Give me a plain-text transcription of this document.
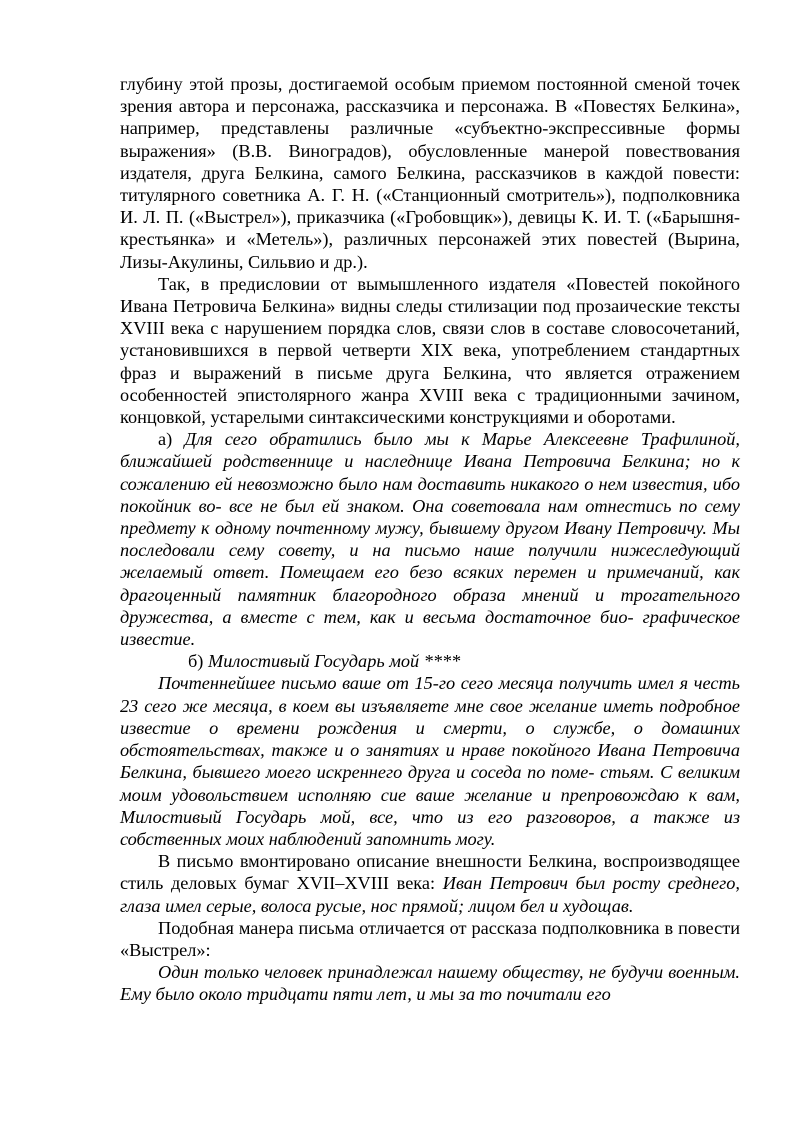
глубину этой прозы, достигаемой особым приемом постоянной сменой точек зрения автора и персонажа, рассказчика и персонажа. В «Повестях Белкина», например, представлены различные «субъектно-экспрессивные формы выражения» (В.В. Виноградов), обусловленные манерой повествования издателя, друга Белкина, самого Белкина, рассказчиков в каждой повести: титулярного советника А. Г. Н. («Станционный смотритель»), подполковника И. Л. П. («Выстрел»), приказчика («Гробовщик»), девицы К. И. Т. («Барышня-крестьянка» и «Метель»), различных персонажей этих повестей (Вырина, Лизы-Акулины, Сильвио и др.).

Так, в предисловии от вымышленного издателя «Повестей покойного Ивана Петровича Белкина» видны следы стилизации под прозаические тексты XVIII века с нарушением порядка слов, связи слов в составе словосочетаний, установившихся в первой четверти XIX века, употреблением стандартных фраз и выражений в письме друга Белкина, что является отражением особенностей эпистолярного жанра XVIII века с традиционными зачином, концовкой, устарелыми синтаксическими конструкциями и оборотами.

а) Для сего обратились было мы к Марье Алексеевне Трафилиной, ближайшей родственнице и наследнице Ивана Петровича Белкина; но к сожалению ей невозможно было нам доставить никакого о нем известия, ибо покойник во- все не был ей знаком. Она советовала нам отнестись по сему предмету к одному почтенному мужу, бывшему другом Ивану Петровичу. Мы последовали сему совету, и на письмо наше получили нижеследующий желаемый ответ. Помещаем его безо всяких перемен и примечаний, как драгоценный памятник благородного образа мнений и трогательного дружества, а вместе с тем, как и весьма достаточное био- графическое известие.

б) Милостивый Государь мой ****

Почтеннейшее письмо ваше от 15-го сего месяца получить имел я честь 23 сего же месяца, в коем вы изъявляете мне свое желание иметь подробное известие о времени рождения и смерти, о службе, о домашних обстоятельствах, также и о занятиях и нраве покойного Ивана Петровича Белкина, бывшего моего искреннего друга и соседа по поме- стьям. С великим моим удовольствием исполняю сие ваше желание и препровождаю к вам, Милостивый Государь мой, все, что из его разговоров, а также из собственных моих наблюдений запомнить могу.

В письмо вмонтировано описание внешности Белкина, воспроизводящее стиль деловых бумаг XVII–XVIII века: Иван Петрович был росту среднего, глаза имел серые, волоса русые, нос прямой; лицом бел и худощав.

Подобная манера письма отличается от рассказа подполковника в повести «Выстрел»:

Один только человек принадлежал нашему обществу, не будучи военным. Ему было около тридцати пяти лет, и мы за то почитали его
